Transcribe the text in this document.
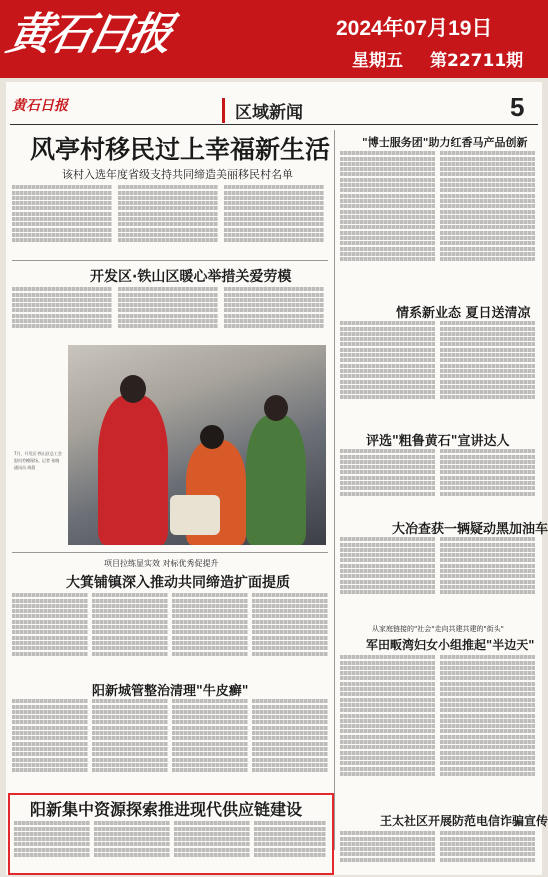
黄石日报	2024年07月19日
星期五 第22711期
黄石日报	区域新闻	5
风亭村移民过上幸福新生活
该村入选年度省级支持共同缔造美丽移民村名单
开发区·铁山区暖心举措关爱劳模
7月，开发区·铁山区总工会慰问劳模现场。记者 张晓 通讯员 胡晨
"博士服务团"助力红香马产品创新
情系新业态 夏日送清凉
评选"粗鲁黄石"宣讲达人
大冶查获一辆疑动黑加油车
项目拉练显实效 对标优秀促提升
大箕铺镇深入推动共同缔造扩面提质
阳新城管整治清理"牛皮癣"
从家庭链接的"社会"走向共建共建的"街头"
军田畈湾妇女小组推起"半边天"
王太社区开展防范电信诈骗宣传
阳新集中资源探索推进现代供应链建设
